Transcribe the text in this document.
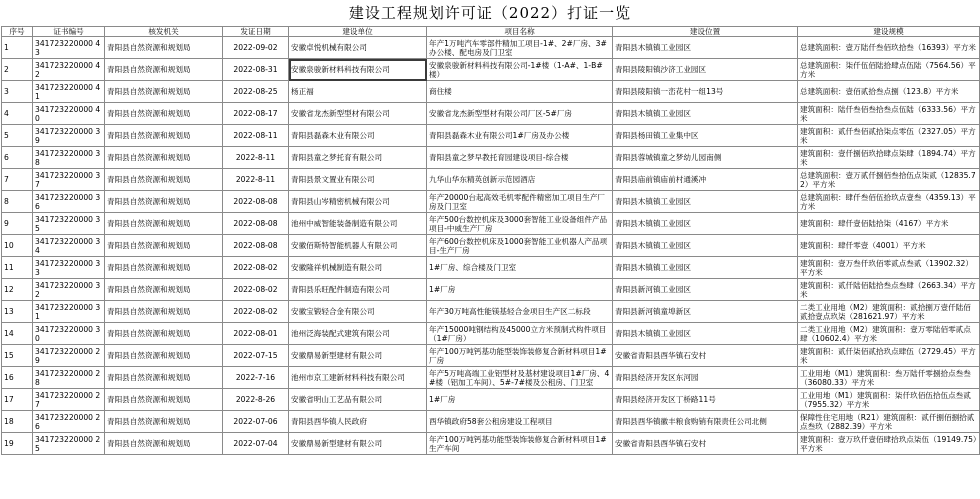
建设工程规划许可证（2022）打证一览
序号	证书编号	核发机关	发证日期	建设单位	项目名称	建设位置	建设规模
1	341723220000 43	青阳县自然资源和规划局	2022-09-02	安徽卓悦机械有限公司	年产1万吨汽车零部件精加工项目-1#、2#厂房、3#办公楼、配电房及门卫室	青阳县木镇镇工业园区	总建筑面积：壹万陆仟叁佰玖拾叁（16393）平方米
2	341723220000 42	青阳县自然资源和规划局	2022-08-31	安徽泉骏新材料科技有限公司	安徽泉骏新材料科技有限公司-1#楼（1-A#、1-B#楼）	青阳县陵阳镇沙济工业园区	总建筑面积：柒仟伍佰陆拾肆点伍陆（7564.56）平方米
3	341723220000 41	青阳县自然资源和规划局	2022-08-25	杨正福	商住楼	青阳县陵阳镇一峦花村一组13号	总建筑面积：壹佰贰拾叁点捌（123.8）平方米
4	341723220000 40	青阳县自然资源和规划局	2022-08-17	安徽省龙杰新型型材有限公司	安徽省龙杰新型型材有限公司厂区-5#厂房	青阳县木镇镇工业园区	建筑面积：陆仟叁佰叁拾叁点伍陆（6333.56）平方米
5	341723220000 39	青阳县自然资源和规划局	2022-08-11	青阳县磊森木业有限公司	青阳县磊森木业有限公司1#厂房及办公楼	青阳县杨田镇工业集中区	建筑面积：贰仟叁佰贰拾柒点零伍（2327.05）平方米
6	341723220000 38	青阳县自然资源和规划局	2022-8-11	青阳县童之梦托育有限公司	青阳县童之梦早教托育园建设项目-综合楼	青阳县蓉城镇童之梦幼儿园南侧	建筑面积：壹仟捌佰玖拾肆点柒肆（1894.74）平方米
7	341723220000 37	青阳县自然资源和规划局	2022-8-11	青阳县景文置业有限公司	九华山华东精英创新示范园酒店	青阳县庙前镇庙前村通溪冲	总建筑面积：壹万贰仟捌佰叁拾伍点柒贰（12835.72）平方米
8	341723220000 36	青阳县自然资源和规划局	2022-08-08	青阳县山岑精密机械有限公司	年产20000台起高效毛机零配件精密加工项目生产厂房及门卫室	青阳县木镇镇工业园区	总建筑面积：肆仟叁佰伍拾玖点壹叁（4359.13）平方米
9	341723220000 35	青阳县自然资源和规划局	2022-08-08	池州中威智能装备制造有限公司	年产500台数控机床及3000套智能工业设备组件产品项目-中威生产厂房	青阳县木镇镇工业园区	建筑面积：肆仟壹佰陆拾柒（4167）平方米
10	341723220000 34	青阳县自然资源和规划局	2022-08-08	安徽佰斯特智能机器人有限公司	年产600台数控机床及1000套智能工业机器人产品项目-生产厂房	青阳县木镇镇工业园区	建筑面积：肆仟零壹（4001）平方米
11	341723220000 33	青阳县自然资源和规划局	2022-08-02	安徽隆祥机械制造有限公司	1#厂房、综合楼及门卫室	青阳县木镇镇工业园区	建筑面积：壹万叁仟玖佰零贰点叁贰（13902.32）平方米
12	341723220000 32	青阳县自然资源和规划局	2022-08-02	青阳县乐旺配件制造有限公司	1#厂房	青阳县新河镇工业园区	建筑面积：贰仟陆佰陆拾叁点叁肆（2663.34）平方米
13	341723220000 31	青阳县自然资源和规划局	2022-08-02	安徽宝锻轻合金有限公司	年产30万吨高性能镁基轻合金项目生产区二标段	青阳县新河镇童埠新区	二类工业用地（M2）建筑面积：贰拾捌万壹仟陆佰贰拾壹点玖柒（281621.97）平方米
14	341723220000 30	青阳县自然资源和规划局	2022-08-01	池州泛海装配式建筑有限公司	年产15000吨钢结构及45000立方米预制式构件项目（1#厂房）	青阳县木镇镇工业园区	二类工业用地（M2）建筑面积：壹万零陆佰零贰点肆（10602.4）平方米
15	341723220000 29	青阳县自然资源和规划局	2022-07-15	安徽鼎易新型建材有限公司	年产100万吨钙基功能型装饰装修复合新材料项目1#厂房	安徽省青阳县酉华镇石安村	建筑面积：贰仟柒佰贰拾玖点肆伍（2729.45）平方米
16	341723220000 28	青阳县自然资源和规划局	2022-7-16	池州市京工建新材料科技有限公司	年产5万吨高端工业铝型材及基材建设项目1#厂房、4#楼（铝加工车间）、5#-7#楼及公租房、门卫室	青阳县经济开发区东河园	工业用地（M1）建筑面积：叁万陆仟零捌拾点叁叁（36080.33）平方米
17	341723220000 27	青阳县自然资源和规划局	2022-8-26	安徽省明山工艺品有限公司	1#厂房	青阳县经济开发区丁桥路11号	工业用地（M1）建筑面积：柒仟玖佰伍拾伍点叁贰（7955.32）平方米
18	341723220000 26	青阳县自然资源和规划局	2022-07-06	青阳县酉华镇人民政府	酉华镇政府58套公租房建设工程项目	青阳县酉华镇徽丰粮食购销有限责任公司北侧	保障性住宅用地（R21）建筑面积：贰仟捌佰捌拾贰点叁玖（2882.39）平方米
19	341723220000 25	青阳县自然资源和规划局	2022-07-04	安徽鼎易新型建材有限公司	年产100万吨钙基功能型装饰装修复合新材料项目1#生产车间	安徽省青阳县酉华镇石安村	建筑面积：壹万玖仟壹佰肆拾玖点柒伍（19149.75）平方米
